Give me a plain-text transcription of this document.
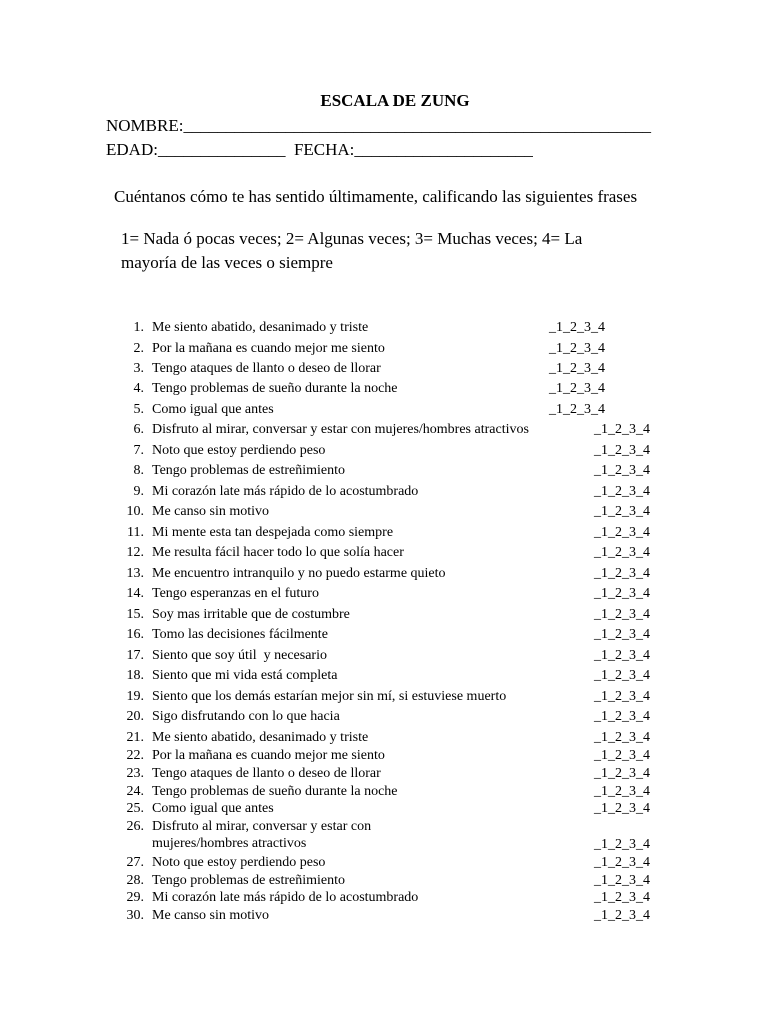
ESCALA DE ZUNG
NOMBRE:_______________________________________________________
EDAD:_______________  FECHA:_____________________
Cuéntanos cómo te has sentido últimamente, calificando las siguientes frases
1= Nada ó pocas veces; 2= Algunas veces; 3= Muchas veces; 4= La mayoría de las veces o siempre
1. Me siento abatido, desanimado y triste	_1_2_3_4
2. Por la mañana es cuando mejor me siento	_1_2_3_4
3. Tengo ataques de llanto o deseo de llorar	_1_2_3_4
4. Tengo problemas de sueño durante la noche	_1_2_3_4
5. Como igual que antes	_1_2_3_4
6. Disfruto al mirar, conversar y estar con mujeres/hombres atractivos	_1_2_3_4
7. Noto que estoy perdiendo peso	_1_2_3_4
8. Tengo problemas de estreñimiento	_1_2_3_4
9. Mi corazón late más rápido de lo acostumbrado	_1_2_3_4
10. Me canso sin motivo	_1_2_3_4
11. Mi mente esta tan despejada como siempre	_1_2_3_4
12. Me resulta fácil hacer todo lo que solía hacer	_1_2_3_4
13. Me encuentro intranquilo y no puedo estarme quieto	_1_2_3_4
14. Tengo esperanzas en el futuro	_1_2_3_4
15. Soy mas irritable que de costumbre	_1_2_3_4
16. Tomo las decisiones fácilmente	_1_2_3_4
17. Siento que soy útil  y necesario	_1_2_3_4
18. Siento que mi vida está completa	_1_2_3_4
19. Siento que los demás estarían mejor sin mí, si estuviese muerto	_1_2_3_4
20. Sigo disfrutando con lo que hacia	_1_2_3_4
21. Me siento abatido, desanimado y triste	_1_2_3_4
22. Por la mañana es cuando mejor me siento	_1_2_3_4
23. Tengo ataques de llanto o deseo de llorar	_1_2_3_4
24. Tengo problemas de sueño durante la noche	_1_2_3_4
25. Como igual que antes	_1_2_3_4
26. Disfruto al mirar, conversar y estar con
mujeres/hombres atractivos	_1_2_3_4
27. Noto que estoy perdiendo peso	_1_2_3_4
28. Tengo problemas de estreñimiento	_1_2_3_4
29. Mi corazón late más rápido de lo acostumbrado	_1_2_3_4
30. Me canso sin motivo	_1_2_3_4
